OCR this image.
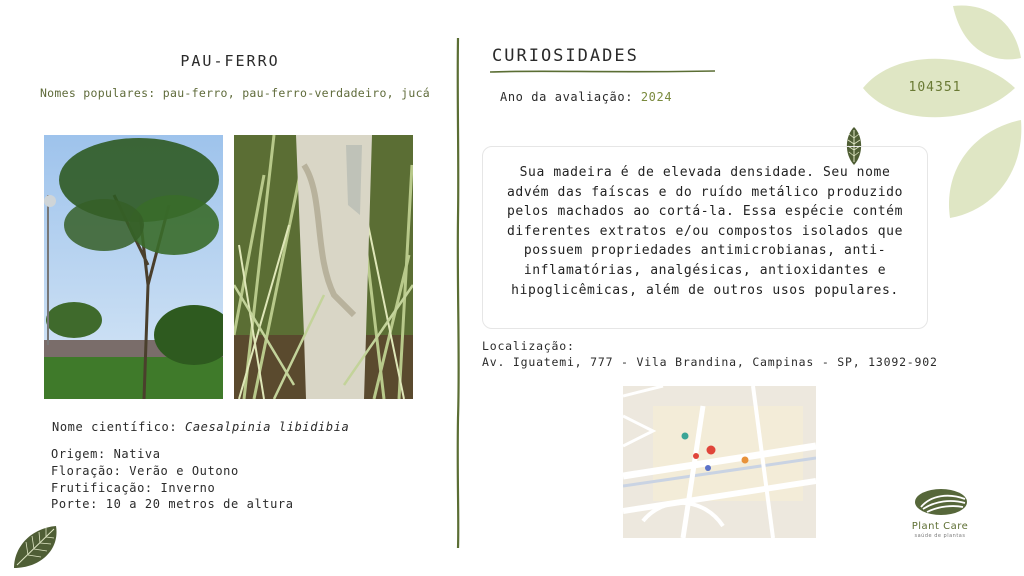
PAU-FERRO
Nomes populares: pau-ferro, pau-ferro-verdadeiro, jucá
Nome científico: Caesalpinia libidibia
Origem: Nativa
Floração: Verão e Outono
Frutificação: Inverno
Porte: 10 a 20 metros de altura
CURIOSIDADES
Ano da avaliação: 2024
Sua madeira é de elevada densidade. Seu nome advém das faíscas e do ruído metálico produzido pelos machados ao cortá-la. Essa espécie contém diferentes extratos e/ou compostos isolados que possuem propriedades antimicrobianas, anti-inflamatórias, analgésicas, antioxidantes e hipoglicêmicas, além de outros usos populares.
Localização:
Av. Iguatemi, 777 - Vila Brandina, Campinas - SP, 13092-902
104351
Plant Care
saúde de plantas
